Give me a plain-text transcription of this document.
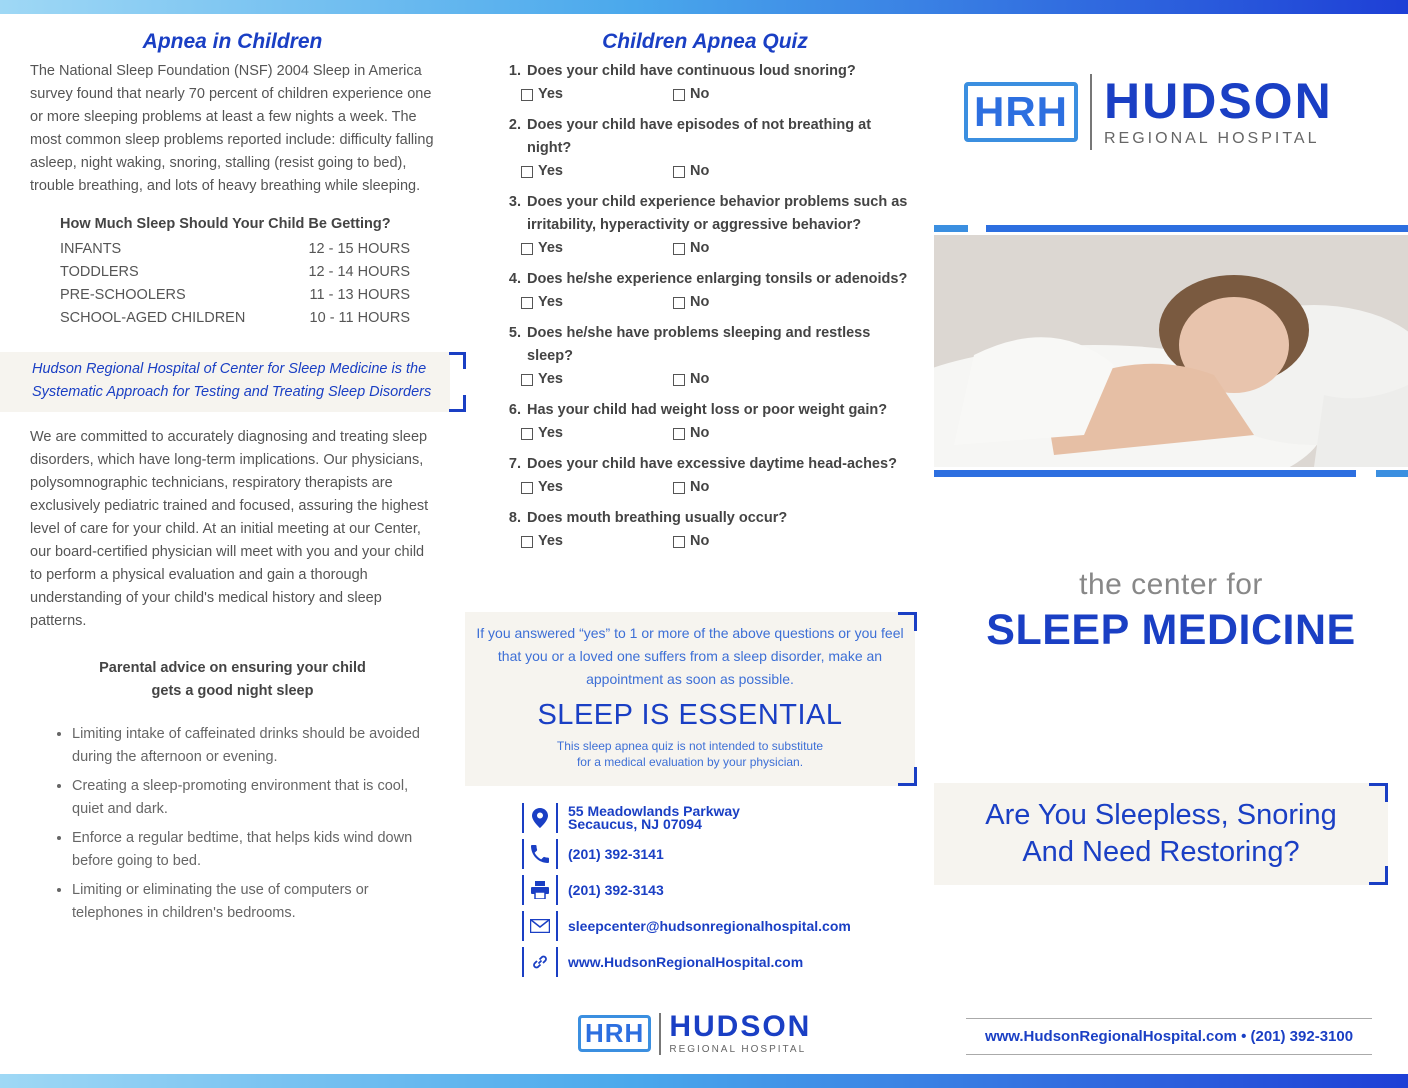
Apnea in Children

The National Sleep Foundation (NSF) 2004 Sleep in America survey found that nearly 70 percent of children experience one or more sleeping problems at least a few nights a week. The most common sleep problems reported include: difficulty falling asleep, night waking, snoring, stalling (resist going to bed), trouble breathing, and lots of heavy breathing while sleeping.

How Much Sleep Should Your Child Be Getting?
INFANTS	12 - 15 HOURS
TODDLERS	12 - 14 HOURS
PRE-SCHOOLERS	11 - 13 HOURS
SCHOOL-AGED CHILDREN	10 - 11 HOURS

Hudson Regional Hospital of Center for Sleep Medicine is the Systematic Approach for Testing and Treating Sleep Disorders

We are committed to accurately diagnosing and treating sleep disorders, which have long-term implications. Our physicians, polysomnographic technicians, respiratory therapists are exclusively pediatric trained and focused, assuring the highest level of care for your child. At an initial meeting at our Center, our board-certified physician will meet with you and your child to perform a physical evaluation and gain a thorough understanding of your child's medical history and sleep patterns.

Parental advice on ensuring your child
gets a good night sleep
• Limiting intake of caffeinated drinks should be avoided during the afternoon or evening.
• Creating a sleep-promoting environment that is cool, quiet and dark.
• Enforce a regular bedtime, that helps kids wind down before going to bed.
• Limiting or eliminating the use of computers or telephones in children's bedrooms.
Children Apnea Quiz
1. Does your child have continuous loud snoring?
Yes	No
2. Does your child have episodes of not breathing at night?
Yes	No
3. Does your child experience behavior problems such as irritability, hyperactivity or aggressive behavior?
Yes	No
4. Does he/she experience enlarging tonsils or adenoids?
Yes	No
5. Does he/she have problems sleeping and restless sleep?
Yes	No
6. Has your child had weight loss or poor weight gain?
Yes	No
7. Does your child have excessive daytime head-aches?
Yes	No
8. Does mouth breathing usually occur?
Yes	No

If you answered “yes” to 1 or more of the above questions or you feel that you or a loved one suffers from a sleep disorder, make an appointment as soon as possible.

SLEEP IS ESSENTIAL

This sleep apnea quiz is not intended to substitute
for a medical evaluation by your physician.

55 Meadowlands Parkway
Secaucus, NJ 07094
(201) 392-3141
(201) 392-3143
sleepcenter@hudsonregionalhospital.com
www.HudsonRegionalHospital.com
HRH HUDSON
REGIONAL HOSPITAL
HRH HUDSON
REGIONAL HOSPITAL
the center for
SLEEP MEDICINE

Are You Sleepless, Snoring
And Need Restoring?

www.HudsonRegionalHospital.com • (201) 392-3100
